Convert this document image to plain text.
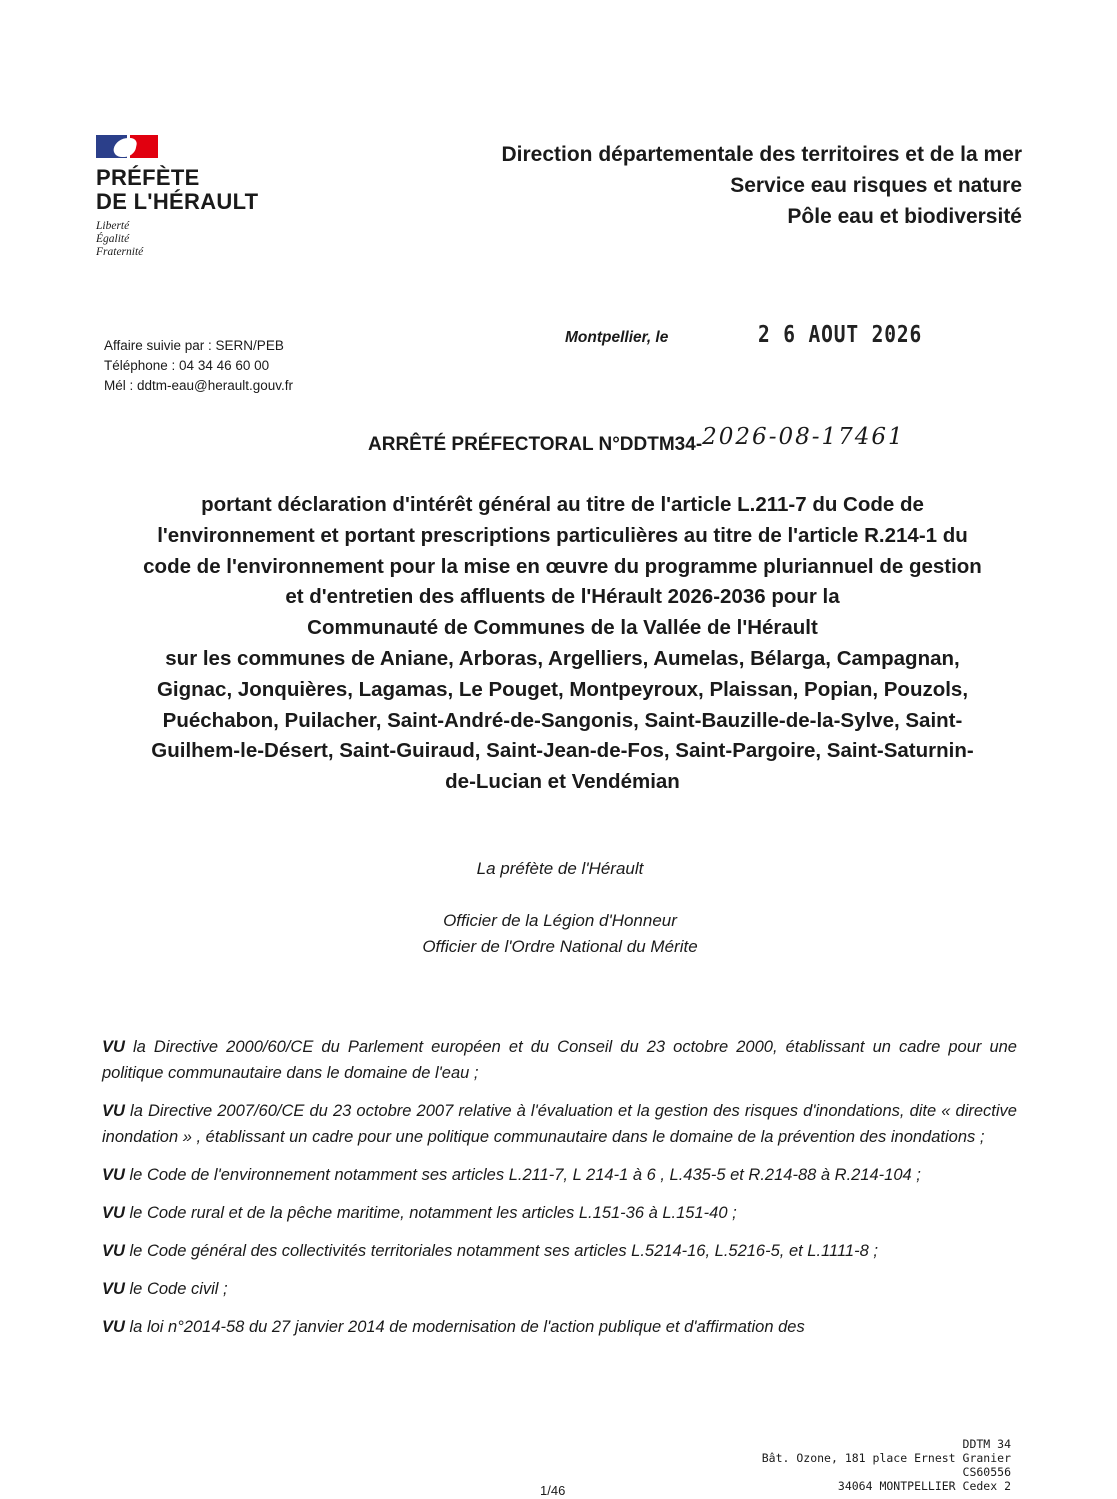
PRÉFÈTE
DE L'HÉRAULT
Liberté
Égalité
Fraternité
Direction départementale des territoires et de la mer
Service eau risques et nature
Pôle eau et biodiversité
Affaire suivie par : SERN/PEB
Téléphone : 04 34 46 60 00
Mél : ddtm-eau@herault.gouv.fr
Montpellier, le	2 6 AOUT 2026
ARRÊTÉ PRÉFECTORAL N°DDTM34-2026-08-17461
portant déclaration d'intérêt général au titre de l'article L.211-7 du Code de
l'environnement et portant prescriptions particulières au titre de l'article R.214-1 du
code de l'environnement pour la mise en œuvre du programme pluriannuel de gestion
et d'entretien des affluents de l'Hérault 2026-2036 pour la
Communauté de Communes de la Vallée de l'Hérault
sur les communes de Aniane, Arboras, Argelliers, Aumelas, Bélarga, Campagnan,
Gignac, Jonquières, Lagamas, Le Pouget, Montpeyroux, Plaissan, Popian, Pouzols,
Puéchabon, Puilacher, Saint-André-de-Sangonis, Saint-Bauzille-de-la-Sylve, Saint-
Guilhem-le-Désert, Saint-Guiraud, Saint-Jean-de-Fos, Saint-Pargoire, Saint-Saturnin-
de-Lucian et Vendémian
La préfète de l'Hérault
Officier de la Légion d'Honneur
Officier de l'Ordre National du Mérite

VU la Directive 2000/60/CE du Parlement européen et du Conseil du 23 octobre 2000, établissant un cadre pour une politique communautaire dans le domaine de l'eau ;

VU la Directive 2007/60/CE du 23 octobre 2007 relative à l'évaluation et la gestion des risques d'inondations, dite « directive inondation » , établissant un cadre pour une politique communautaire dans le domaine de la prévention des inondations ;

VU le Code de l'environnement notamment ses articles L.211-7, L 214-1 à 6 , L.435-5 et R.214-88 à R.214-104 ;

VU le Code rural et de la pêche maritime, notamment les articles L.151-36 à L.151-40 ;

VU le Code général des collectivités territoriales notamment ses articles L.5214-16, L.5216-5, et L.1111-8 ;

VU le Code civil ;

VU la loi n°2014-58 du 27 janvier 2014 de modernisation de l'action publique et d'affirmation des

DDTM 34
Bât. Ozone, 181 place Ernest Granier
CS60556
34064 MONTPELLIER Cedex 2
1/46
